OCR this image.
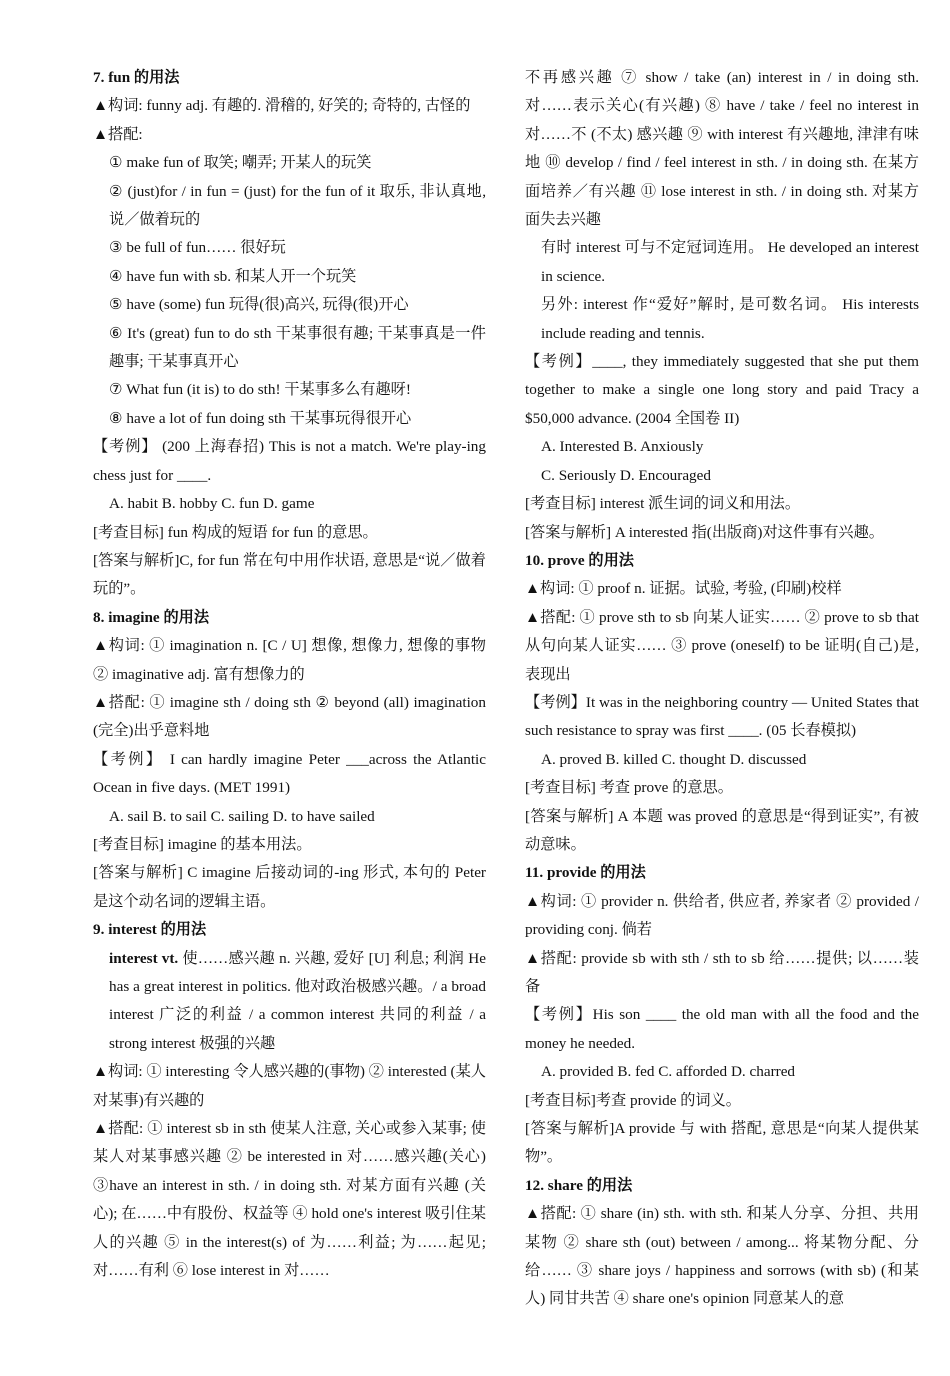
7. fun 的用法

▲构词: funny adj. 有趣的. 滑稽的, 好笑的; 奇特的, 古怪的

▲搭配:

① make fun of 取笑; 嘲弄; 开某人的玩笑

② (just)for / in fun = (just) for the fun of it 取乐, 非认真地, 说／做着玩的

③ be full of fun…… 很好玩

④ have fun with sb. 和某人开一个玩笑

⑤ have (some) fun 玩得(很)高兴, 玩得(很)开心

⑥ It's (great) fun to do sth 干某事很有趣; 干某事真是一件趣事; 干某事真开心

⑦ What fun (it is) to do sth! 干某事多么有趣呀!

⑧ have a lot of fun doing sth 干某事玩得很开心

【考例】 (200 上海春招) This is not a match. We're play-ing chess just for ____.

A. habit B. hobby C. fun D. game

[考查目标] fun 构成的短语 for fun 的意思。

[答案与解析]C, for fun 常在句中用作状语, 意思是“说／做着玩的”。

8. imagine 的用法

▲构词: ① imagination n. [C / U] 想像, 想像力, 想像的事物 ② imaginative adj. 富有想像力的

▲搭配: ① imagine sth / doing sth ② beyond (all) imagination (完全)出乎意料地

【考例】 I can hardly imagine Peter ___across the Atlantic Ocean in five days. (MET 1991)

A. sail B. to sail C. sailing D. to have sailed

[考查目标] imagine 的基本用法。

[答案与解析] C imagine 后接动词的-ing 形式, 本句的 Peter 是这个动名词的逻辑主语。

9. interest 的用法

interest vt. 使……感兴趣 n. 兴趣, 爱好 [U] 利息; 利润 He has a great interest in politics. 他对政治极感兴趣。/ a broad interest 广泛的利益 / a common interest 共同的利益 / a strong interest 极强的兴趣

▲构词: ① interesting 令人感兴趣的(事物) ② interested (某人对某事)有兴趣的

▲搭配: ① interest sb in sth 使某人注意, 关心或参入某事; 使某人对某事感兴趣 ② be interested in 对……感兴趣(关心) ③have an interest in sth. / in doing sth. 对某方面有兴趣 (关心); 在……中有股份、权益等 ④ hold one's interest 吸引住某人的兴趣 ⑤ in the interest(s) of 为……利益; 为……起见; 对……有利 ⑥ lose interest in 对……

不再感兴趣 ⑦ show / take (an) interest in / in doing sth. 对……表示关心(有兴趣) ⑧ have / take / feel no interest in 对……不 (不太) 感兴趣 ⑨ with interest 有兴趣地, 津津有味地 ⑩ develop / find / feel interest in sth. / in doing sth. 在某方面培养／有兴趣 ⑪ lose interest in sth. / in doing sth. 对某方面失去兴趣

有时 interest 可与不定冠词连用。 He developed an interest in science.

另外: interest 作“爱好”解时, 是可数名词。 His interests include reading and tennis.

【考例】____, they immediately suggested that she put them together to make a single one long story and paid Tracy a $50,000 advance. (2004 全国卷 II)

A. Interested B. Anxiously

C. Seriously D. Encouraged

[考查目标] interest 派生词的词义和用法。

[答案与解析] A interested 指(出版商)对这件事有兴趣。

10. prove 的用法

▲构词: ① proof n. 证据。试验, 考验, (印刷)校样

▲搭配: ① prove sth to sb 向某人证实…… ② prove to sb that 从句向某人证实…… ③ prove (oneself) to be 证明(自己)是, 表现出

【考例】It was in the neighboring country — United States that such resistance to spray was first ____. (05 长春模拟)

A. proved B. killed C. thought D. discussed

[考查目标] 考查 prove 的意思。

[答案与解析] A 本题 was proved 的意思是“得到证实”, 有被动意味。

11. provide 的用法

▲构词: ① provider n. 供给者, 供应者, 养家者 ② provided / providing conj. 倘若

▲搭配: provide sb with sth / sth to sb 给……提供; 以……装备

【考例】His son ____ the old man with all the food and the money he needed.

A. provided B. fed C. afforded D. charred

[考查目标]考查 provide 的词义。

[答案与解析]A provide 与 with 搭配, 意思是“向某人提供某物”。

12. share 的用法

▲搭配: ① share (in) sth. with sth. 和某人分享、分担、共用某物 ② share sth (out) between / among... 将某物分配、分给…… ③ share joys / happiness and sorrows (with sb) (和某人) 同甘共苦 ④ share one's opinion 同意某人的意
